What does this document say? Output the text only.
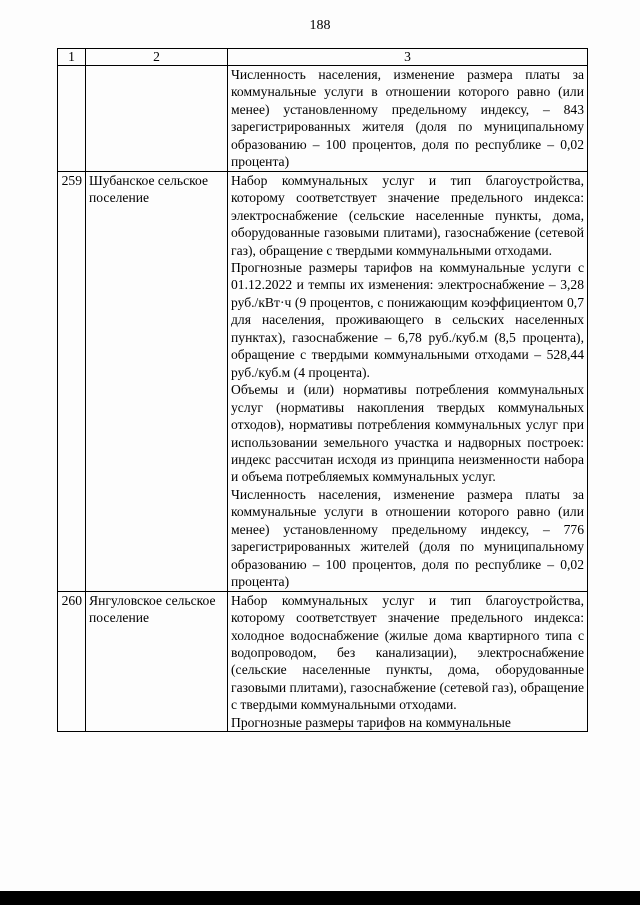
188
1	2	3

		Численность населения, изменение размера платы за коммунальные услуги в отношении которого равно (или менее) установленному предельному индексу, – 843 зарегистрированных жителя (доля по муниципальному образованию – 100 процентов, доля по республике – 0,02 процента)

259	Шубанское сельское поселение	Набор коммунальных услуг и тип благоустройства, которому соответствует значение предельного индекса: электроснабжение (сельские населенные пункты, дома, оборудованные газовыми плитами), газоснабжение (сетевой газ), обращение с твердыми коммунальными отходами.

Прогнозные размеры тарифов на коммунальные услуги с 01.12.2022 и темпы их изменения: электроснабжение – 3,28 руб./кВт·ч (9 процентов, с понижающим коэффициентом 0,7 для населения, проживающего в сельских населенных пунктах), газоснабжение – 6,78 руб./куб.м (8,5 процента), обращение с твердыми коммунальными отходами – 528,44 руб./куб.м (4 процента).

Объемы и (или) нормативы потребления коммунальных услуг (нормативы накопления твердых коммунальных отходов), нормативы потребления коммунальных услуг при использовании земельного участка и надворных построек: индекс рассчитан исходя из принципа неизменности набора и объема потребляемых коммунальных услуг.

Численность населения, изменение размера платы за коммунальные услуги в отношении которого равно (или менее) установленному предельному индексу, – 776 зарегистрированных жителей (доля по муниципальному образованию – 100 процентов, доля по республике – 0,02 процента)

260	Янгуловское сельское поселение	Набор коммунальных услуг и тип благоустройства, которому соответствует значение предельного индекса: холодное водоснабжение (жилые дома квартирного типа с водопроводом, без канализации), электроснабжение (сельские населенные пункты, дома, оборудованные газовыми плитами), газоснабжение (сетевой газ), обращение с твердыми коммунальными отходами.

Прогнозные размеры тарифов на коммунальные
